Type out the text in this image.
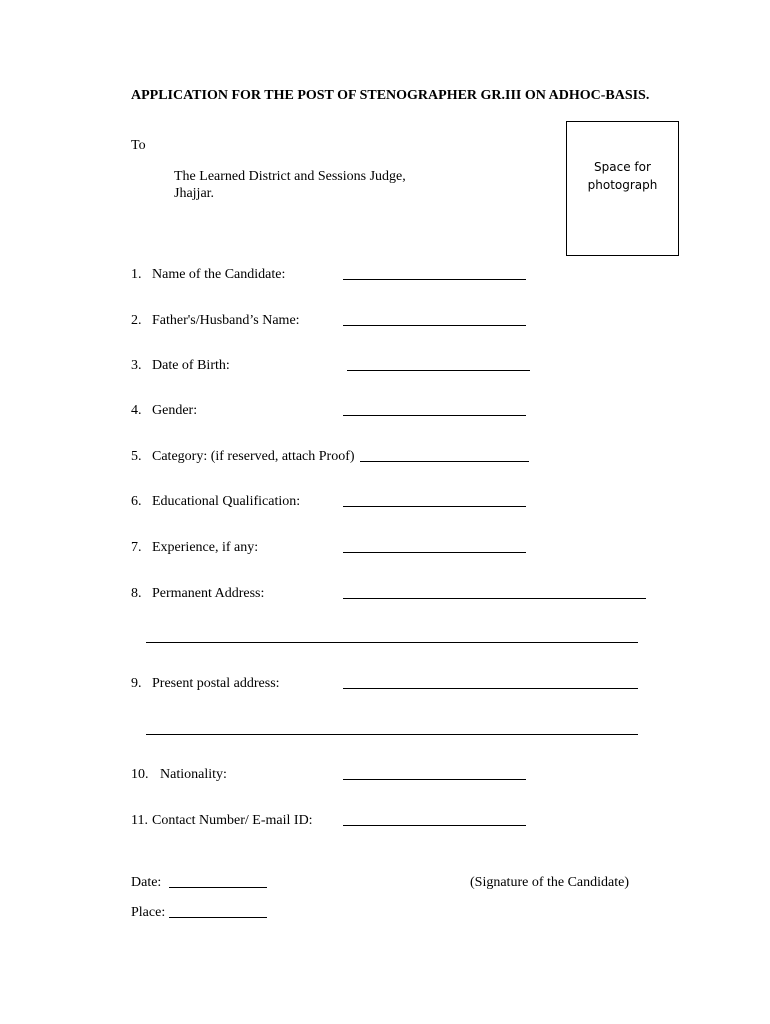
APPLICATION FOR THE POST OF STENOGRAPHER GR.III ON ADHOC-BASIS.
To
The Learned District and Sessions Judge,
Jhajjar.
Space for
photograph
1. Name of the Candidate:
2. Father's/Husband’s Name:
3. Date of Birth:
4. Gender:
5. Category: (if reserved, attach Proof)
6. Educational Qualification:
7. Experience, if any:
8. Permanent Address:
9. Present postal address:
10. Nationality:
11. Contact Number/ E-mail ID:
Date:	(Signature of the Candidate)
Place:
